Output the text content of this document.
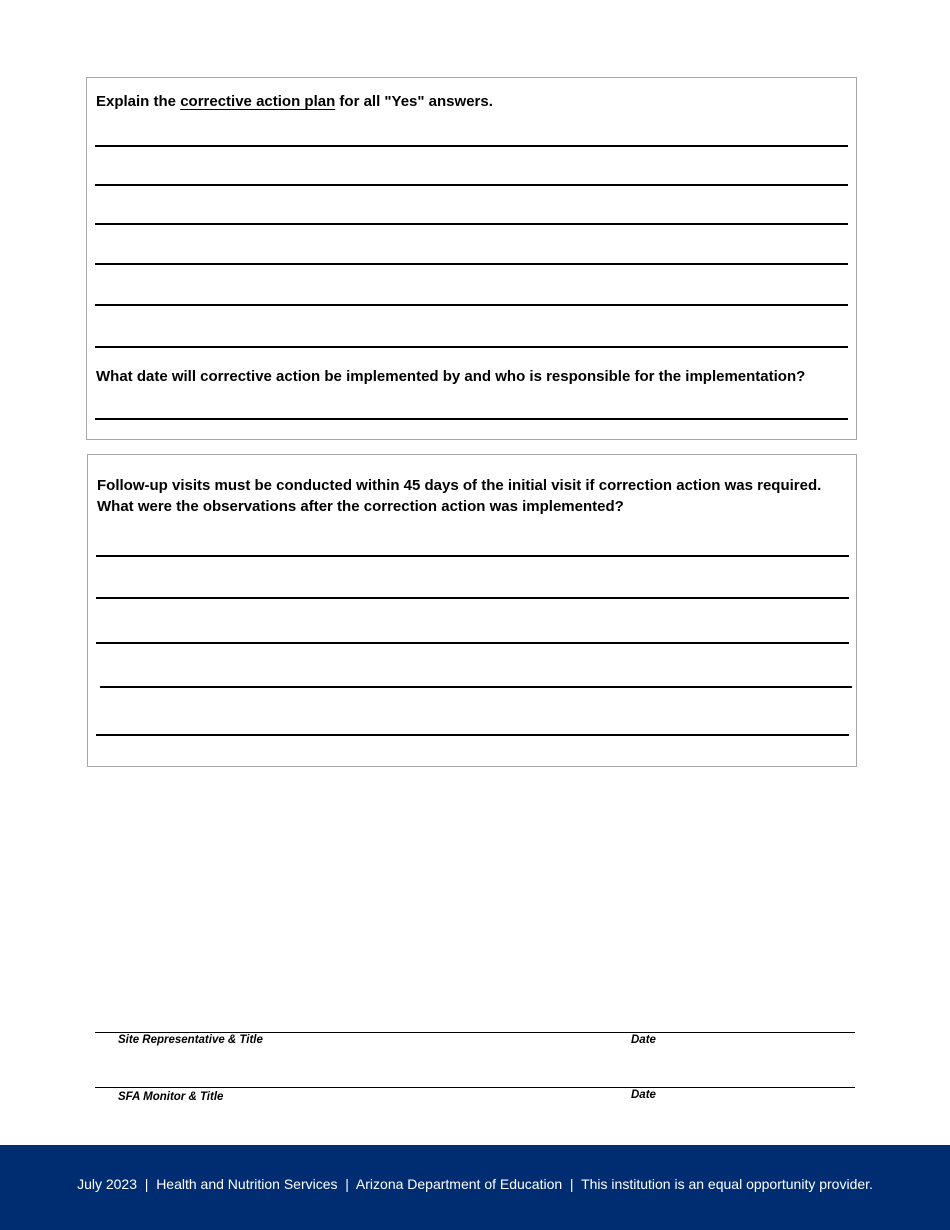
Explain the corrective action plan for all "Yes" answers.
What date will corrective action be implemented by and who is responsible for the implementation?
Follow-up visits must be conducted within 45 days of the initial visit if correction action was required.
What were the observations after the correction action was implemented?
Site Representative & Title	Date
SFA Monitor & Title	Date
July 2023  |  Health and Nutrition Services  |  Arizona Department of Education  |  This institution is an equal opportunity provider.
